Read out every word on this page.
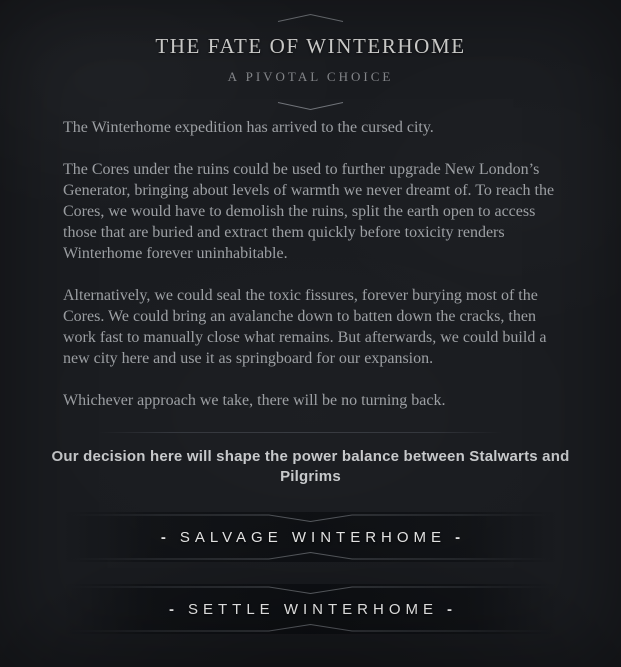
THE FATE OF WINTERHOME
A PIVOTAL CHOICE

The Winterhome expedition has arrived to the cursed city.

The Cores under the ruins could be used to further upgrade New London’s Generator, bringing about levels of warmth we never dreamt of. To reach the Cores, we would have to demolish the ruins, split the earth open to access those that are buried and extract them quickly before toxicity renders Winterhome forever uninhabitable.

Alternatively, we could seal the toxic fissures, forever burying most of the Cores. We could bring an avalanche down to batten down the cracks, then work fast to manually close what remains. But afterwards, we could build a new city here and use it as springboard for our expansion.

Whichever approach we take, there will be no turning back.

Our decision here will shape the power balance between Stalwarts and Pilgrims
- SALVAGE WINTERHOME -
- SETTLE WINTERHOME -
